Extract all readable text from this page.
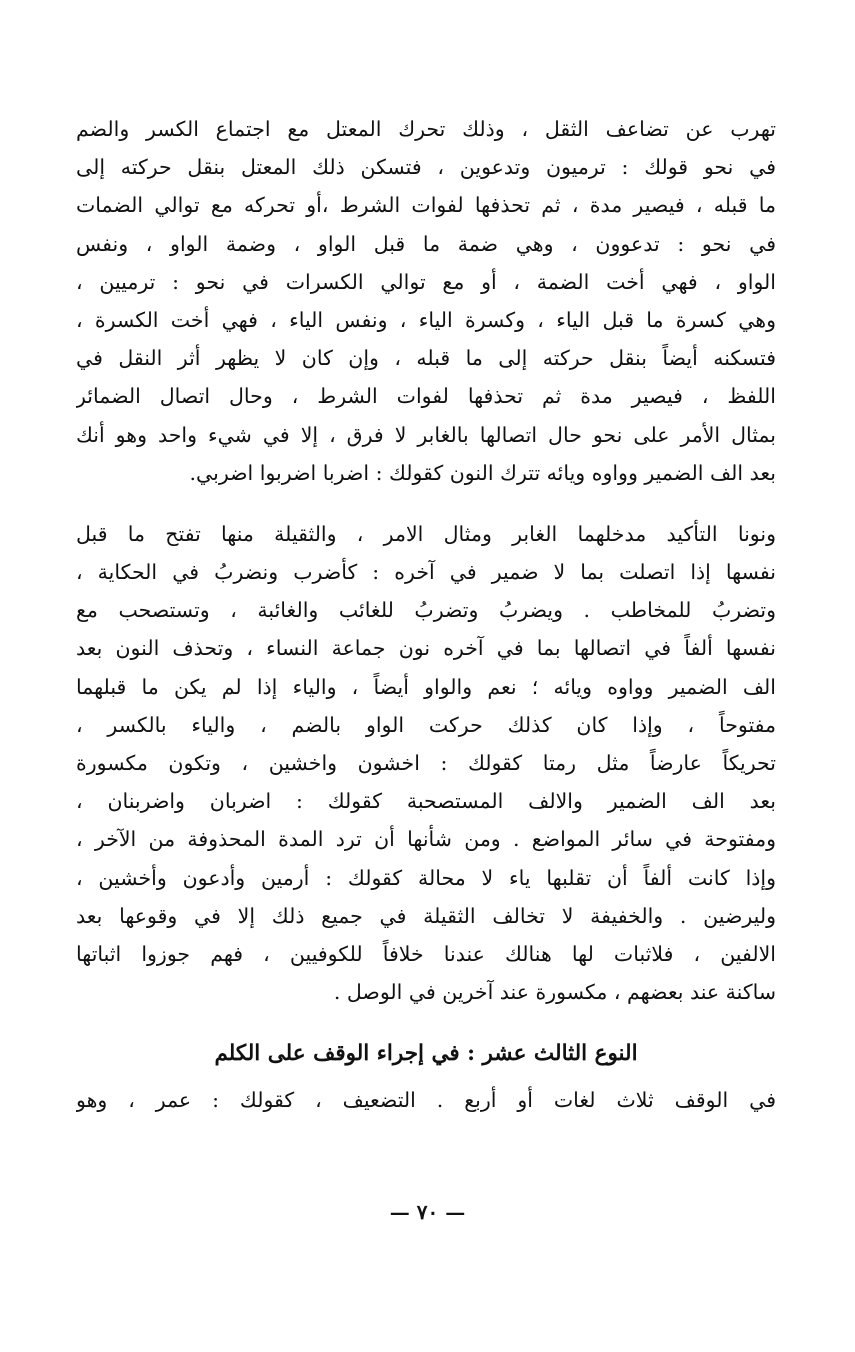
تهرب عن تضاعف الثقل ، وذلك تحرك المعتل مع اجتماع الكسر والضم
في نحو قولك : ترميون وتدعوين ، فتسكن ذلك المعتل بنقل حركته إلى
ما قبله ، فيصير مدة ، ثم تحذفها لفوات الشرط ،أو تحركه مع توالي الضمات
في نحو : تدعوون ، وهي ضمة ما قبل الواو ، وضمة الواو ، ونفس
الواو ، فهي أخت الضمة ، أو مع توالي الكسرات في نحو : ترميين ،
وهي كسرة ما قبل الياء ، وكسرة الياء ، ونفس الياء ، فهي أخت الكسرة ،
فتسكنه أيضاً بنقل حركته إلى ما قبله ، وإن كان لا يظهر أثر النقل في
اللفظ ، فيصير مدة ثم تحذفها لفوات الشرط ، وحال اتصال الضمائر
بمثال الأمر على نحو حال اتصالها بالغابر لا فرق ، إلا في شيء واحد وهو أنك
بعد الف الضمير وواوه ويائه تترك النون كقولك : اضربا اضربوا اضربي.
ونونا التأكيد مدخلهما الغابر ومثال الامر ، والثقيلة منها تفتح ما قبل
نفسها إذا اتصلت بما لا ضمير في آخره : كأضرب ونضربُ في الحكاية ،
وتضربُ للمخاطب . ويضربُ وتضربُ للغائب والغائبة ، وتستصحب مع
نفسها ألفاً في اتصالها بما في آخره نون جماعة النساء ، وتحذف النون بعد
الف الضمير وواوه ويائه ؛ نعم والواو أيضاً ، والياء إذا لم يكن ما قبلهما
مفتوحاً ، وإذا كان كذلك حركت الواو بالضم ، والياء بالكسر ،
تحريكاً عارضاً مثل رمتا كقولك : اخشون واخشين ، وتكون مكسورة
بعد الف الضمير والالف المستصحبة كقولك : اضربان واضربنان ،
ومفتوحة في سائر المواضع . ومن شأنها أن ترد المدة المحذوفة من الآخر ،
وإذا كانت ألفاً أن تقلبها ياء لا محالة كقولك : أرمين وأدعون وأخشين ،
وليرضين . والخفيفة لا تخالف الثقيلة في جميع ذلك إلا في وقوعها بعد
الالفين ، فلاثبات لها هنالك عندنا خلافاً للكوفيين ، فهم جوزوا اثباتها
ساكنة عند بعضهم ، مكسورة عند آخرين في الوصل .
النوع الثالث عشر : في إجراء الوقف على الكلم
في الوقف ثلاث لغات أو أربع . التضعيف ، كقولك : عمر ، وهو
— ٧٠ —
